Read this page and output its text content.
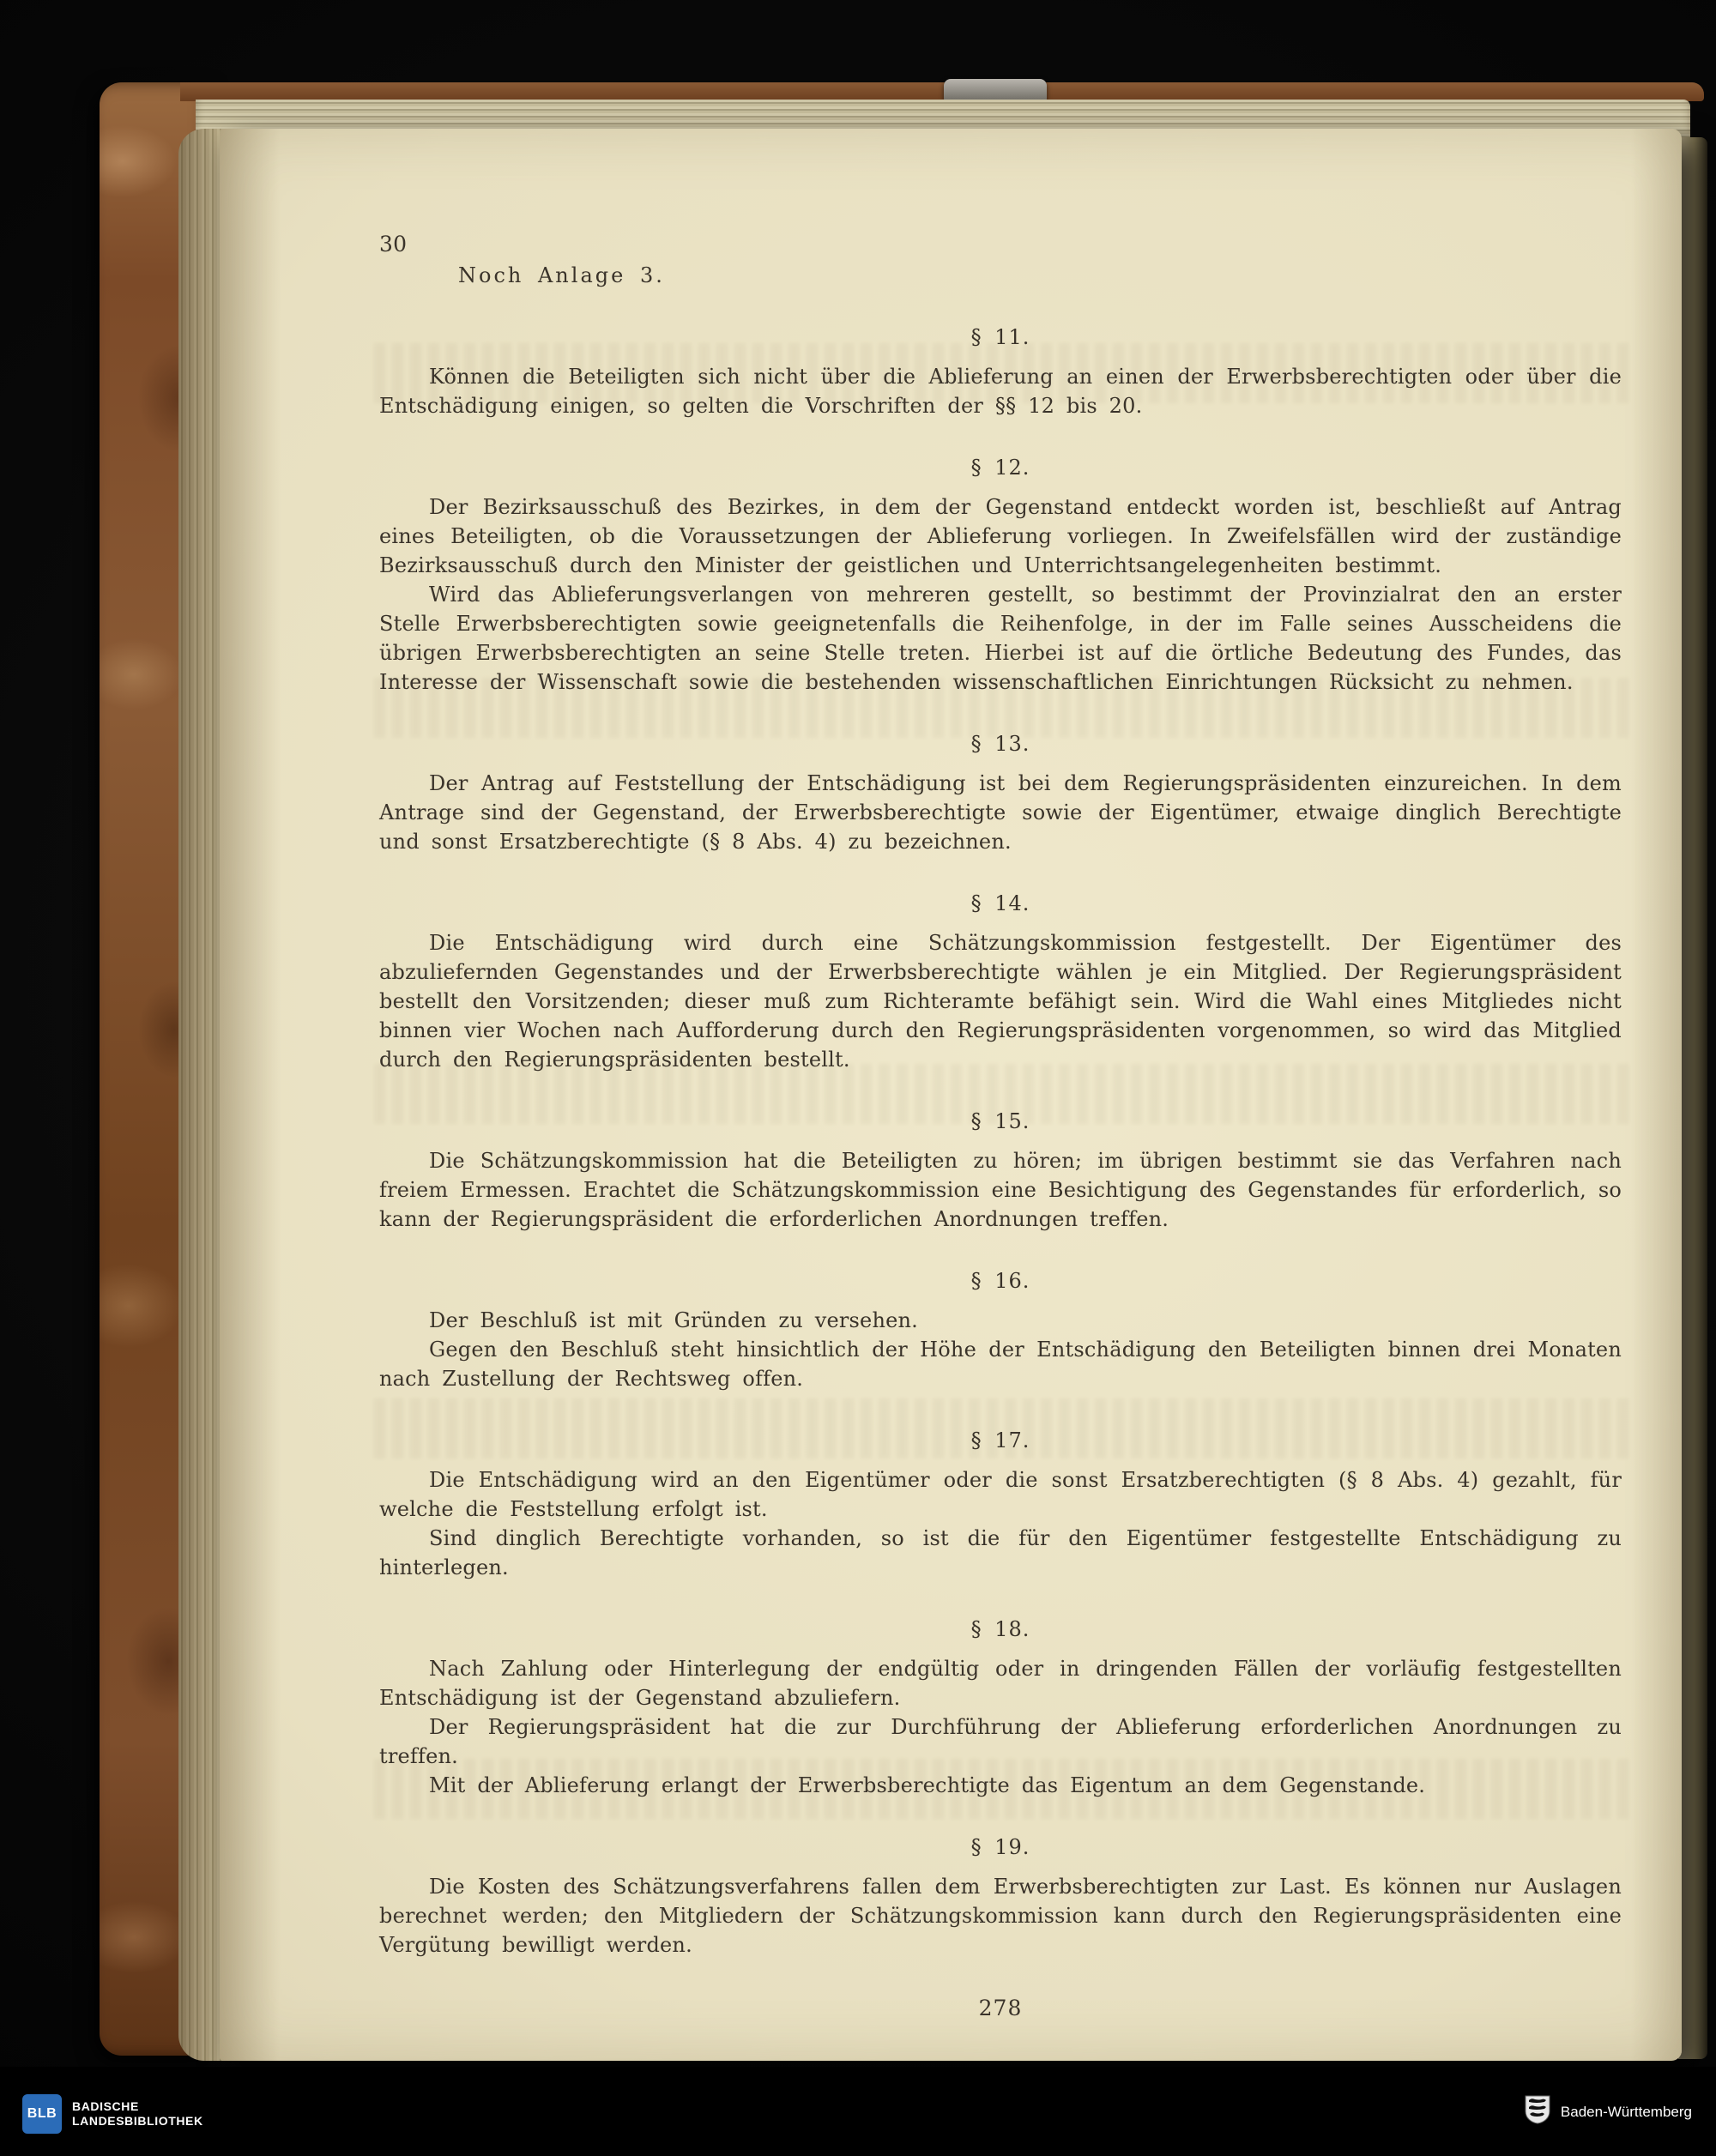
30
Noch Anlage 3.
§ 11.

Können die Beteiligten sich nicht über die Ablieferung an einen der Erwerbsberechtigten oder über die Entschädigung einigen, so gelten die Vorschriften der §§ 12 bis 20.

§ 12.

Der Bezirksausschuß des Bezirkes, in dem der Gegenstand entdeckt worden ist, beschließt auf Antrag eines Beteiligten, ob die Voraussetzungen der Ablieferung vorliegen. In Zweifelsfällen wird der zuständige Bezirksausschuß durch den Minister der geistlichen und Unterrichtsangelegenheiten bestimmt.

Wird das Ablieferungsverlangen von mehreren gestellt, so bestimmt der Provinzialrat den an erster Stelle Erwerbsberechtigten sowie geeignetenfalls die Reihenfolge, in der im Falle seines Ausscheidens die übrigen Erwerbsberechtigten an seine Stelle treten. Hierbei ist auf die örtliche Bedeutung des Fundes, das Interesse der Wissenschaft sowie die bestehenden wissenschaftlichen Einrichtungen Rücksicht zu nehmen.

§ 13.

Der Antrag auf Feststellung der Entschädigung ist bei dem Regierungspräsidenten einzureichen. In dem Antrage sind der Gegenstand, der Erwerbsberechtigte sowie der Eigentümer, etwaige dinglich Berechtigte und sonst Ersatzberechtigte (§ 8 Abs. 4) zu bezeichnen.

§ 14.

Die Entschädigung wird durch eine Schätzungskommission festgestellt. Der Eigentümer des abzuliefernden Gegenstandes und der Erwerbsberechtigte wählen je ein Mitglied. Der Regierungspräsident bestellt den Vorsitzenden; dieser muß zum Richteramte befähigt sein. Wird die Wahl eines Mitgliedes nicht binnen vier Wochen nach Aufforderung durch den Regierungspräsidenten vorgenommen, so wird das Mitglied durch den Regierungspräsidenten bestellt.

§ 15.

Die Schätzungskommission hat die Beteiligten zu hören; im übrigen bestimmt sie das Verfahren nach freiem Ermessen. Erachtet die Schätzungskommission eine Besichtigung des Gegenstandes für erforderlich, so kann der Regierungspräsident die erforderlichen Anordnungen treffen.

§ 16.

Der Beschluß ist mit Gründen zu versehen.

Gegen den Beschluß steht hinsichtlich der Höhe der Entschädigung den Beteiligten binnen drei Monaten nach Zustellung der Rechtsweg offen.

§ 17.

Die Entschädigung wird an den Eigentümer oder die sonst Ersatzberechtigten (§ 8 Abs. 4) gezahlt, für welche die Feststellung erfolgt ist.

Sind dinglich Berechtigte vorhanden, so ist die für den Eigentümer festgestellte Entschädigung zu hinterlegen.

§ 18.

Nach Zahlung oder Hinterlegung der endgültig oder in dringenden Fällen der vorläufig festgestellten Entschädigung ist der Gegenstand abzuliefern.

Der Regierungspräsident hat die zur Durchführung der Ablieferung erforderlichen Anordnungen zu treffen.

Mit der Ablieferung erlangt der Erwerbsberechtigte das Eigentum an dem Gegenstande.

§ 19.

Die Kosten des Schätzungsverfahrens fallen dem Erwerbsberechtigten zur Last. Es können nur Auslagen berechnet werden; den Mitgliedern der Schätzungskommission kann durch den Regierungspräsidenten eine Vergütung bewilligt werden.

278
BLB	BADISCHE
LANDESBIBLIOTHEK
Baden-Württemberg
